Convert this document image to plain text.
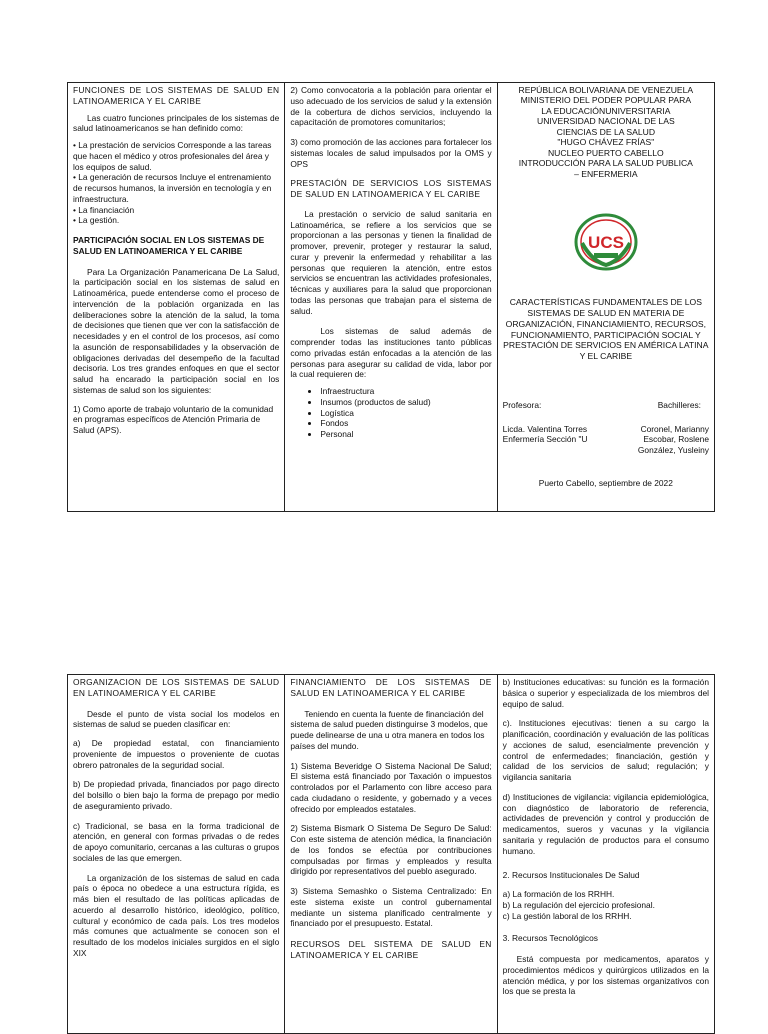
FUNCIONES DE LOS SISTEMAS DE SALUD EN LATINOAMERICA Y EL CARIBE
Las cuatro funciones principales de los sistemas de salud latinoamericanos se han definido como:
• La prestación de servicios Corresponde a las tareas que hacen el médico y otros profesionales del área y los equipos de salud.
• La generación de recursos Incluye el entrenamiento de recursos humanos, la inversión en tecnología y en infraestructura.
• La financiación
• La gestión.
PARTICIPACIÓN SOCIAL EN LOS SISTEMAS DE SALUD EN LATINOAMERICA Y EL CARIBE
Para La Organización Panamericana De La Salud, la participación social en los sistemas de salud en Latinoamérica, puede entenderse como el proceso de intervención de la población organizada en las deliberaciones sobre la atención de la salud, la toma de decisiones que tienen que ver con la satisfacción de necesidades y en el control de los procesos, así como la asunción de responsabilidades y la observación de obligaciones derivadas del desempeño de la facultad decisoria. Los tres grandes enfoques en que el sector salud ha encarado la participación social en los sistemas de salud son los siguientes:
1) Como aporte de trabajo voluntario de la comunidad en programas específicos de Atención Primaria de Salud (APS).
2) Como convocatoria a la población para orientar el uso adecuado de los servicios de salud y la extensión de la cobertura de dichos servicios, incluyendo la capacitación de promotores comunitarios;
3) como promoción de las acciones para fortalecer los sistemas locales de salud impulsados por la OMS y OPS
PRESTACIÓN DE SERVICIOS LOS SISTEMAS DE SALUD EN LATINOAMERICA Y EL CARIBE
La prestación o servicio de salud sanitaria en Latinoamérica, se refiere a los servicios que se proporcionan a las personas y tienen la finalidad de promover, prevenir, proteger y restaurar la salud, curar y prevenir la enfermedad y rehabilitar a las personas que requieren la atención, entre estos servicios se encuentran las actividades profesionales, técnicas y auxiliares para la salud que proporcionan todas las personas que trabajan para el sistema de salud.
Los sistemas de salud además de comprender todas las instituciones tanto públicas como privadas están enfocadas a la atención de las personas para asegurar su calidad de vida, labor por la cual requieren de:
• Infraestructura
• Insumos (productos de salud)
• Logística
• Fondos
• Personal
REPÚBLICA BOLIVARIANA DE VENEZUELA
MINISTERIO DEL PODER POPULAR PARA
LA EDUCACIÓNUNIVERSITARIA
UNIVERSIDAD NACIONAL DE LAS
CIENCIAS DE LA SALUD
"HUGO CHÁVEZ FRÍAS"
NUCLEO PUERTO CABELLO
INTRODUCCIÓN PARA LA SALUD PUBLICA
– ENFERMERIA
UCS
CARACTERÍSTICAS FUNDAMENTALES DE LOS SISTEMAS DE SALUD EN MATERIA DE ORGANIZACIÓN, FINANCIAMIENTO, RECURSOS, FUNCIONAMIENTO, PARTICIPACIÓN SOCIAL Y PRESTACIÓN DE SERVICIOS EN AMÉRICA LATINA Y EL CARIBE
Profesora:	Bachilleres:
Licda. Valentina Torres	Coronel, Marianny
Enfermería Sección "U	Escobar, Roslene
González, Yusleiny
Puerto Cabello, septiembre de 2022
ORGANIZACION DE LOS SISTEMAS DE SALUD EN LATINOAMERICA Y EL CARIBE
Desde el punto de vista social los modelos en sistemas de salud se pueden clasificar en:
a) De propiedad estatal, con financiamiento proveniente de impuestos o proveniente de cuotas obrero patronales de la seguridad social.
b) De propiedad privada, financiados por pago directo del bolsillo o bien bajo la forma de prepago por medio de aseguramiento privado.
c) Tradicional, se basa en la forma tradicional de atención, en general con formas privadas o de redes de apoyo comunitario, cercanas a las culturas o grupos sociales de las que emergen.
La organización de los sistemas de salud en cada país o época no obedece a una estructura rígida, es más bien el resultado de las políticas aplicadas de acuerdo al desarrollo histórico, ideológico, político, cultural y económico de cada país. Los tres modelos más comunes que actualmente se conocen son el resultado de los modelos iniciales surgidos en el siglo XIX
FINANCIAMIENTO DE LOS SISTEMAS DE SALUD EN LATINOAMERICA Y EL CARIBE
Teniendo en cuenta la fuente de financiación del sistema de salud pueden distinguirse 3 modelos, que puede delinearse de una u otra manera en todos los países del mundo.
1) Sistema Beveridge O Sistema Nacional De Salud; El sistema está financiado por Taxación o impuestos controlados por el Parlamento con libre acceso para cada ciudadano o residente, y gobernado y a veces ofrecido por empleados estatales.
2) Sistema Bismark O Sistema De Seguro De Salud: Con este sistema de atención médica, la financiación de los fondos se efectúa por contribuciones compulsadas por firmas y empleados y resulta dirigido por representativos del pueblo asegurado.
3) Sistema Semashko o Sistema Centralizado: En este sistema existe un control gubernamental mediante un sistema planificado centralmente y financiado por el presupuesto. Estatal.
RECURSOS DEL SISTEMA DE SALUD EN LATINOAMERICA Y EL CARIBE
b) Instituciones educativas: su función es la formación básica o superior y especializada de los miembros del equipo de salud.
c). Instituciones ejecutivas: tienen a su cargo la planificación, coordinación y evaluación de las políticas y acciones de salud, esencialmente prevención y control de enfermedades; financiación, gestión y calidad de los servicios de salud; regulación; y vigilancia sanitaria
d) Instituciones de vigilancia: vigilancia epidemiológica, con diagnóstico de laboratorio de referencia, actividades de prevención y control y producción de medicamentos, sueros y vacunas y la vigilancia sanitaria y regulación de productos para el consumo humano.
2. Recursos Institucionales De Salud
a) La formación de los RRHH.
b) La regulación del ejercicio profesional.
c) La gestión laboral de los RRHH.
3. Recursos Tecnológicos
Está compuesta por medicamentos, aparatos y procedimientos médicos y quirúrgicos utilizados en la atención médica, y por los sistemas organizativos con los que se presta la
